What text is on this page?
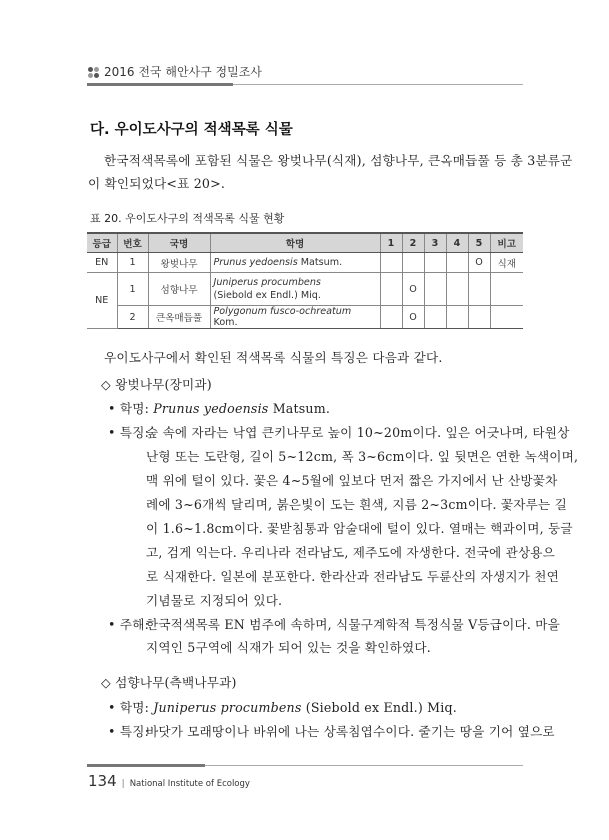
2016 전국 해안사구 정밀조사
다. 우이도사구의 적색목록 식물
한국적색목록에 포함된 식물은 왕벚나무(식재), 섬향나무, 큰옥매듭풀 등 총 3분류군
이 확인되었다<표 20>.
표 20. 우이도사구의 적색목록 식물 현황
등급	번호	국명	학명	1	2	3	4	5	비고
EN	1	왕벚나무	Prunus yedoensis Matsum.					O	식재
NE	1	섬향나무	Juniperus procumbens
(Siebold ex Endl.) Miq.		O				
	2	큰옥매듭풀	Polygonum fusco-ochreatum Kom.		O				
우이도사구에서 확인된 적색목록 식물의 특징은 다음과 같다.
◇ 왕벚나무(장미과)
• 학명: Prunus yedoensis Matsum.
• 특징:
숲 속에 자라는 낙엽 큰키나무로 높이 10~20m이다. 잎은 어긋나며, 타원상
난형 또는 도란형, 길이 5~12cm, 폭 3~6cm이다. 잎 뒷면은 연한 녹색이며,
맥 위에 털이 있다. 꽃은 4~5월에 잎보다 먼저 짧은 가지에서 난 산방꽃차
례에 3~6개씩 달리며, 붉은빛이 도는 흰색, 지름 2~3cm이다. 꽃자루는 길
이 1.6~1.8cm이다. 꽃받침통과 암술대에 털이 있다. 열매는 핵과이며, 둥글
고, 검게 익는다. 우리나라 전라남도, 제주도에 자생한다. 전국에 관상용으
로 식재한다. 일본에 분포한다. 한라산과 전라남도 두륜산의 자생지가 천연
기념물로 지정되어 있다.
• 주해:
한국적색목록 EN 범주에 속하며, 식물구계학적 특정식물 V등급이다. 마을
지역인 5구역에 식재가 되어 있는 것을 확인하였다.
◇ 섬향나무(측백나무과)
• 학명: Juniperus procumbens (Siebold ex Endl.) Miq.
• 특징:
바닷가 모래땅이나 바위에 나는 상록침엽수이다. 줄기는 땅을 기어 옆으로
134 | National Institute of Ecology
